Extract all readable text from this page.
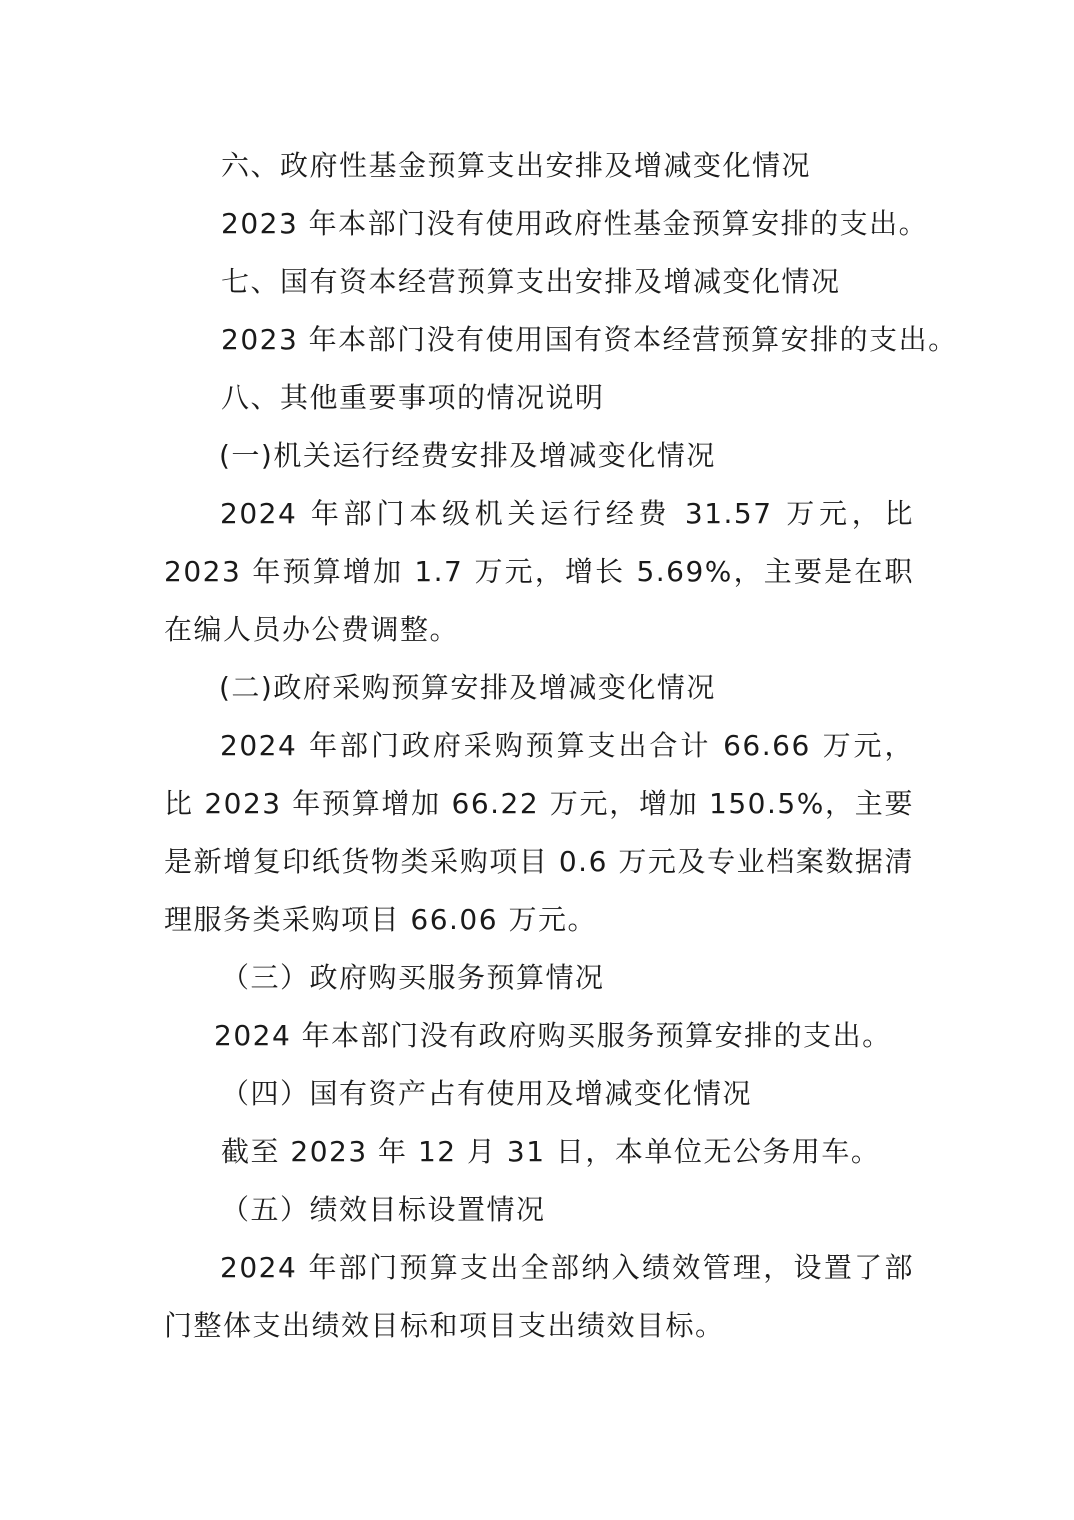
六、政府性基金预算支出安排及增减变化情况
2023 年本部门没有使用政府性基金预算安排的支出。
七、国有资本经营预算支出安排及增减变化情况
2023 年本部门没有使用国有资本经营预算安排的支出。
八、其他重要事项的情况说明
(一)机关运行经费安排及增减变化情况
2024 年部门本级机关运行经费 31.57 万元，比 2023 年预算增加 1.7 万元，增长 5.69%，主要是在职在编人员办公费调整。
(二)政府采购预算安排及增减变化情况
2024 年部门政府采购预算支出合计 66.66 万元，比 2023 年预算增加 66.22 万元，增加 150.5%，主要是新增复印纸货物类采购项目 0.6 万元及专业档案数据清理服务类采购项目 66.06 万元。
（三）政府购买服务预算情况
2024 年本部门没有政府购买服务预算安排的支出。
（四）国有资产占有使用及增减变化情况
截至 2023 年 12 月 31 日，本单位无公务用车。
（五）绩效目标设置情况
2024 年部门预算支出全部纳入绩效管理，设置了部门整体支出绩效目标和项目支出绩效目标。
